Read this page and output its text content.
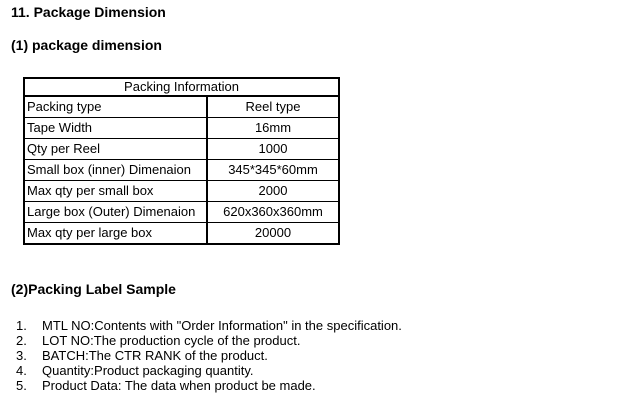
11. Package Dimension
(1) package dimension
Packing Information	
Packing type	Reel type
Tape Width	16mm
Qty per Reel	1000
Small box (inner) Dimenaion	345*345*60mm
Max qty per small box	2000
Large box (Outer) Dimenaion	620x360x360mm
Max qty per large box	20000
(2)Packing Label Sample
1.	MTL NO:Contents with "Order Information" in the specification.
2.	LOT NO:The production cycle of the product.
3.	BATCH:The CTR RANK of the product.
4.	Quantity:Product packaging quantity.
5.	Product Data: The data when product be made.
